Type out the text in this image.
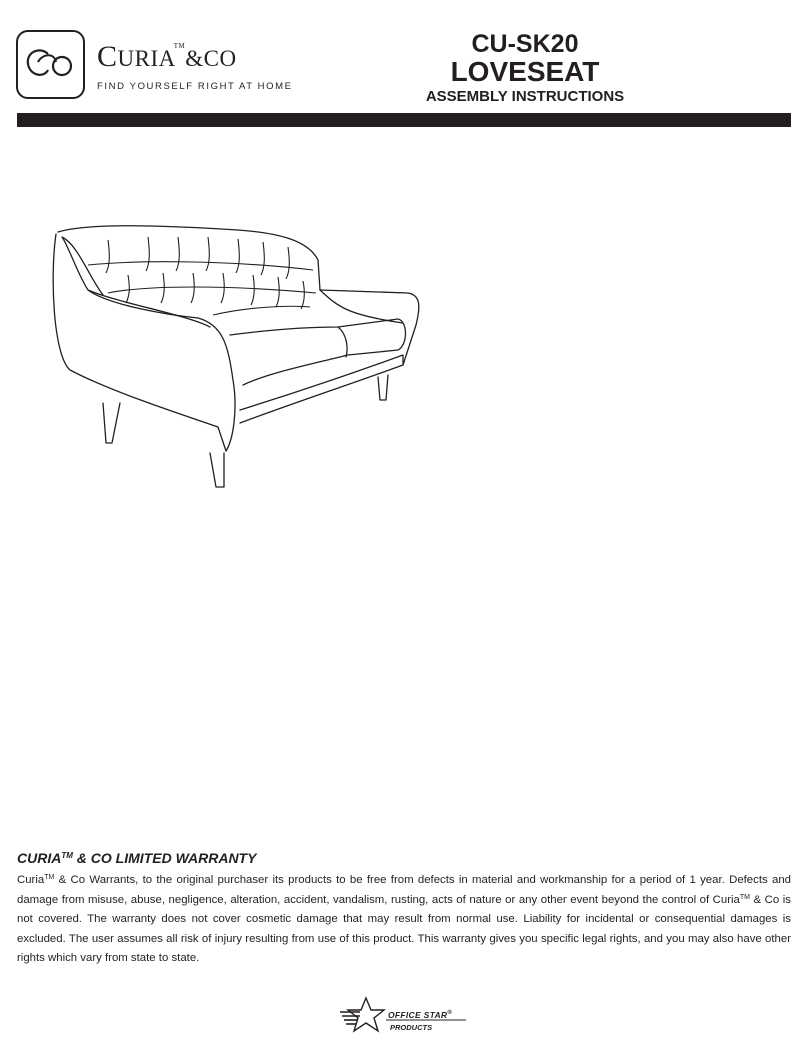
CURIA™&CO
FIND YOURSELF RIGHT AT HOME
CU-SK20
LOVESEAT
ASSEMBLY INSTRUCTIONS

CURIA™ & CO LIMITED WARRANTY

Curia™ & Co Warrants, to the original purchaser its products to be free from defects in material and workmanship for a period of 1 year. Defects and damage from misuse, abuse, negligence, alteration, accident, vandalism, rusting, acts of nature or any other event beyond the control of Curia™ & Co is not covered. The warranty does not cover cosmetic damage that may result from normal use. Liability for incidental or consequential damages is excluded. The user assumes all risk of injury resulting from use of this product. This warranty gives you specific legal rights, and you may also have other rights which vary from state to state.

OFFICE STAR®
PRODUCTS
